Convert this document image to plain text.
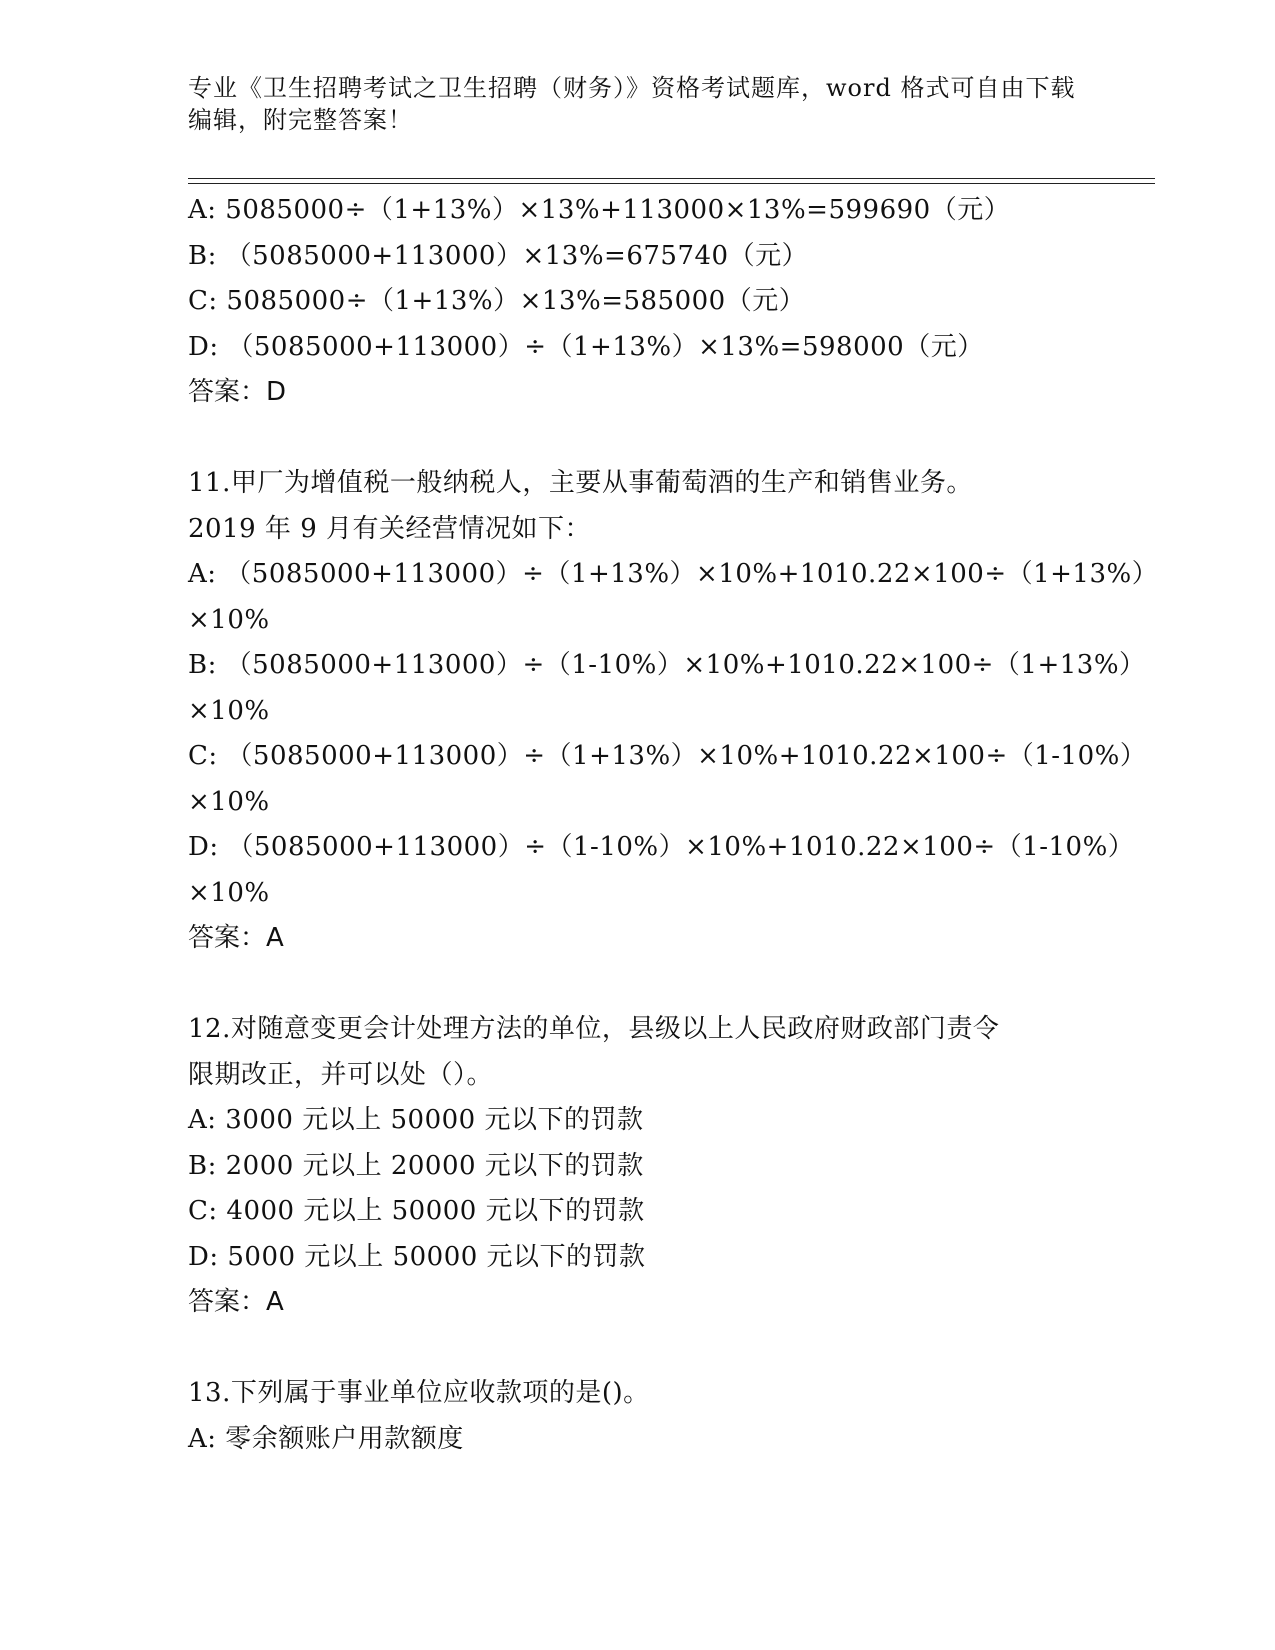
专业《卫生招聘考试之卫生招聘（财务）》资格考试题库，word 格式可自由下载
编辑，附完整答案！
A: 5085000÷（1+13%）×13%+113000×13%=599690（元）
B: （5085000+113000）×13%=675740（元）
C: 5085000÷（1+13%）×13%=585000（元）
D: （5085000+113000）÷（1+13%）×13%=598000（元）
答案：D
11.甲厂为增值税一般纳税人，主要从事葡萄酒的生产和销售业务。
2019 年 9 月有关经营情况如下：
A: （5085000+113000）÷（1+13%）×10%+1010.22×100÷（1+13%）
×10%
B: （5085000+113000）÷（1-10%）×10%+1010.22×100÷（1+13%）
×10%
C: （5085000+113000）÷（1+13%）×10%+1010.22×100÷（1-10%）
×10%
D: （5085000+113000）÷（1-10%）×10%+1010.22×100÷（1-10%）
×10%
答案：A
12.对随意变更会计处理方法的单位，县级以上人民政府财政部门责令
限期改正，并可以处（）。
A: 3000 元以上 50000 元以下的罚款
B: 2000 元以上 20000 元以下的罚款
C: 4000 元以上 50000 元以下的罚款
D: 5000 元以上 50000 元以下的罚款
答案：A
13.下列属于事业单位应收款项的是()。
A: 零余额账户用款额度
